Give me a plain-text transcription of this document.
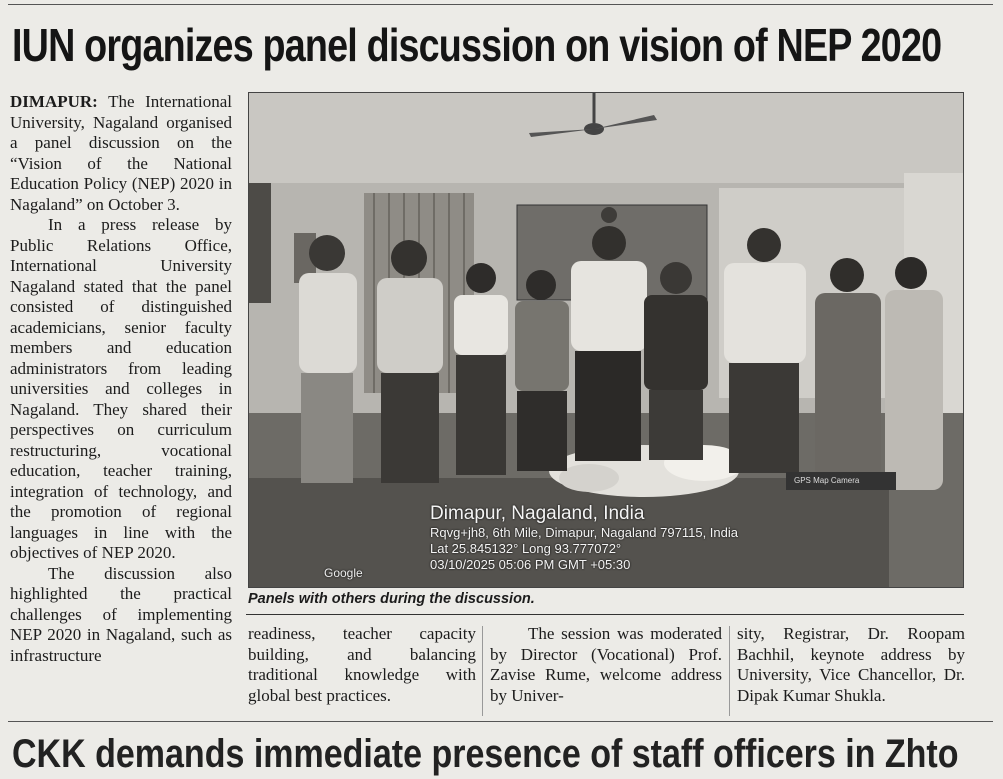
IUN organizes panel discussion on vision of NEP 2020

DIMAPUR: The International University, Nagaland organised a panel discussion on the “Vision of the National Education Policy (NEP) 2020 in Nagaland” on October 3.

In a press release by Public Relations Office, International University Nagaland stated that the panel consisted of distinguished academicians, senior faculty members and education administrators from leading universities and colleges in Nagaland. They shared their perspectives on curriculum restructuring, vocational education, teacher training, integration of technology, and the promotion of regional languages in line with the objectives of NEP 2020.

The discussion also highlighted the practical challenges of implementing NEP 2020 in Nagaland, such as infrastructure

GPS Map Camera
Dimapur, Nagaland, India
Rqvg+jh8, 6th Mile, Dimapur, Nagaland 797115, India
Lat 25.845132° Long 93.777072°
03/10/2025 05:06 PM GMT +05:30
Google
Panels with others during the discussion.

readiness, teacher capacity building, and balancing traditional knowledge with global best practices.

The session was moderated by Director (Vocational) Prof. Zavise Rume, welcome address by Univer-

sity, Registrar, Dr. Roopam Bachhil, keynote address by University, Vice Chancellor, Dr. Dipak Kumar Shukla.

CKK demands immediate presence of staff officers in Zhto
